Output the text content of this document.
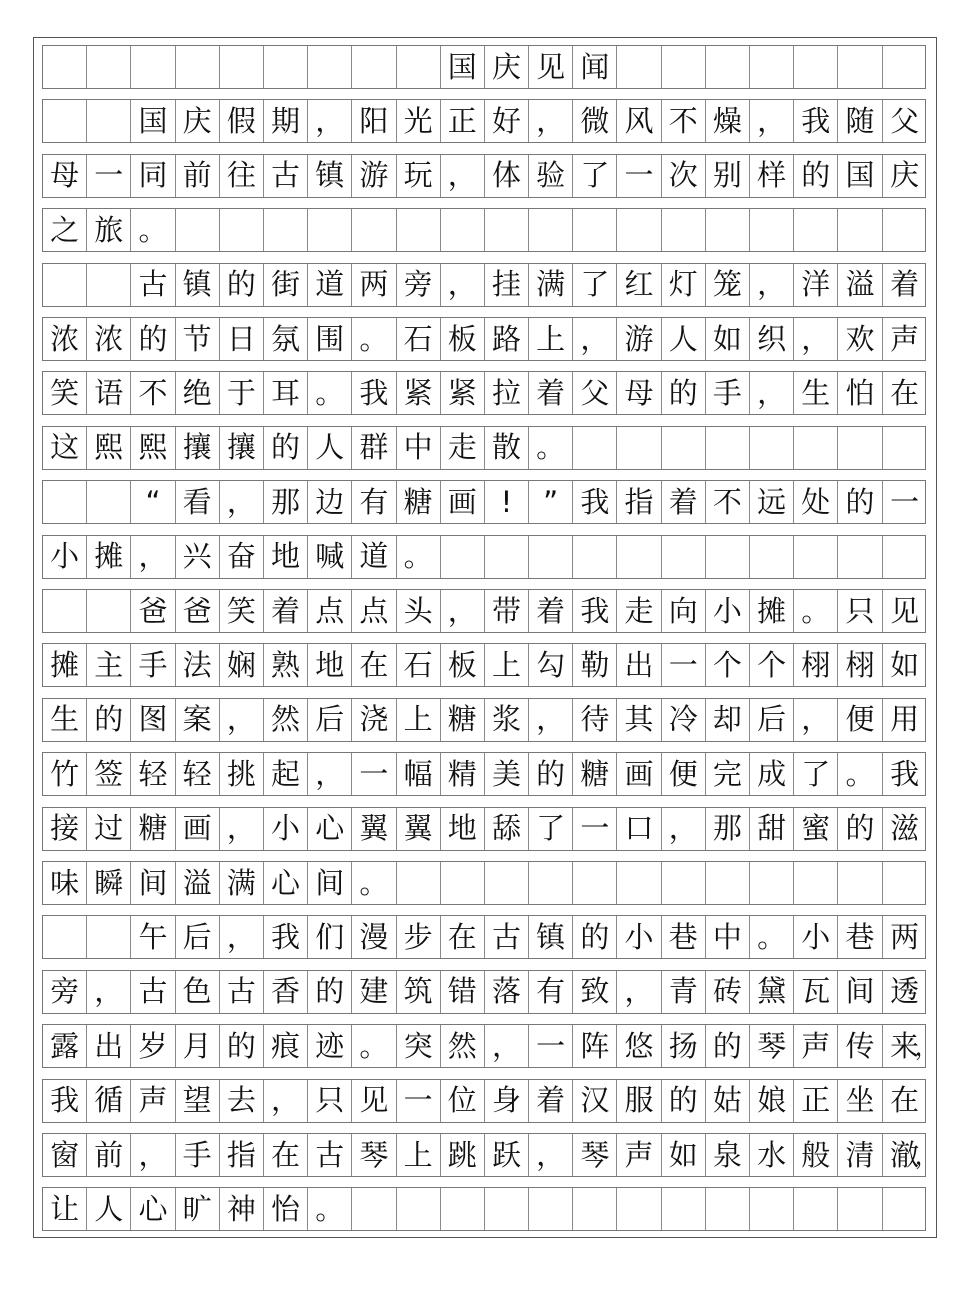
国 庆 见 闻
国 庆 假 期 ， 阳 光 正 好 ， 微 风 不 燥 ， 我 随 父
母 一 同 前 往 古 镇 游 玩 ， 体 验 了 一 次 别 样 的 国 庆
之 旅 。
古 镇 的 街 道 两 旁 ， 挂 满 了 红 灯 笼 ， 洋 溢 着
浓 浓 的 节 日 氛 围 。 石 板 路 上 ， 游 人 如 织 ， 欢 声
笑 语 不 绝 于 耳 。 我 紧 紧 拉 着 父 母 的 手 ， 生 怕 在
这 熙 熙 攘 攘 的 人 群 中 走 散 。
“ 看 ， 那 边 有 糖 画 !	” 我 指 着 不 远 处 的 一
小 摊 ， 兴 奋 地 喊 道 。
爸 爸 笑 着 点 点 头 ， 带 着 我 走 向 小 摊 。 只 见
摊 主 手 法 娴 熟 地 在 石 板 上 勾 勒 出 一 个 个 栩 栩 如
生 的 图 案 ， 然 后 浇 上 糖 浆 ， 待 其 冷 却 后 ， 便 用
竹 签 轻 轻 挑 起 ， 一 幅 精 美 的 糖 画 便 完 成 了 。 我
接 过 糖 画 ， 小 心 翼 翼 地 舔 了 一 口 ， 那 甜 蜜 的 滋
味 瞬 间 溢 满 心 间 。
午 后 ， 我 们 漫 步 在 古 镇 的 小 巷 中 。 小 巷 两
旁 ， 古 色 古 香 的 建 筑 错 落 有 致 ， 青 砖 黛 瓦 间 透
露 出 岁 月 的 痕 迹 。 突 然 ， 一 阵 悠 扬 的 琴 声 传 来
，
我 循 声 望 去 ， 只 见 一 位 身 着 汉 服 的 姑 娘 正 坐 在
窗 前 ， 手 指 在 古 琴 上 跳 跃 ， 琴 声 如 泉 水 般 清 澈
，
让 人 心 旷 神 怡 。
